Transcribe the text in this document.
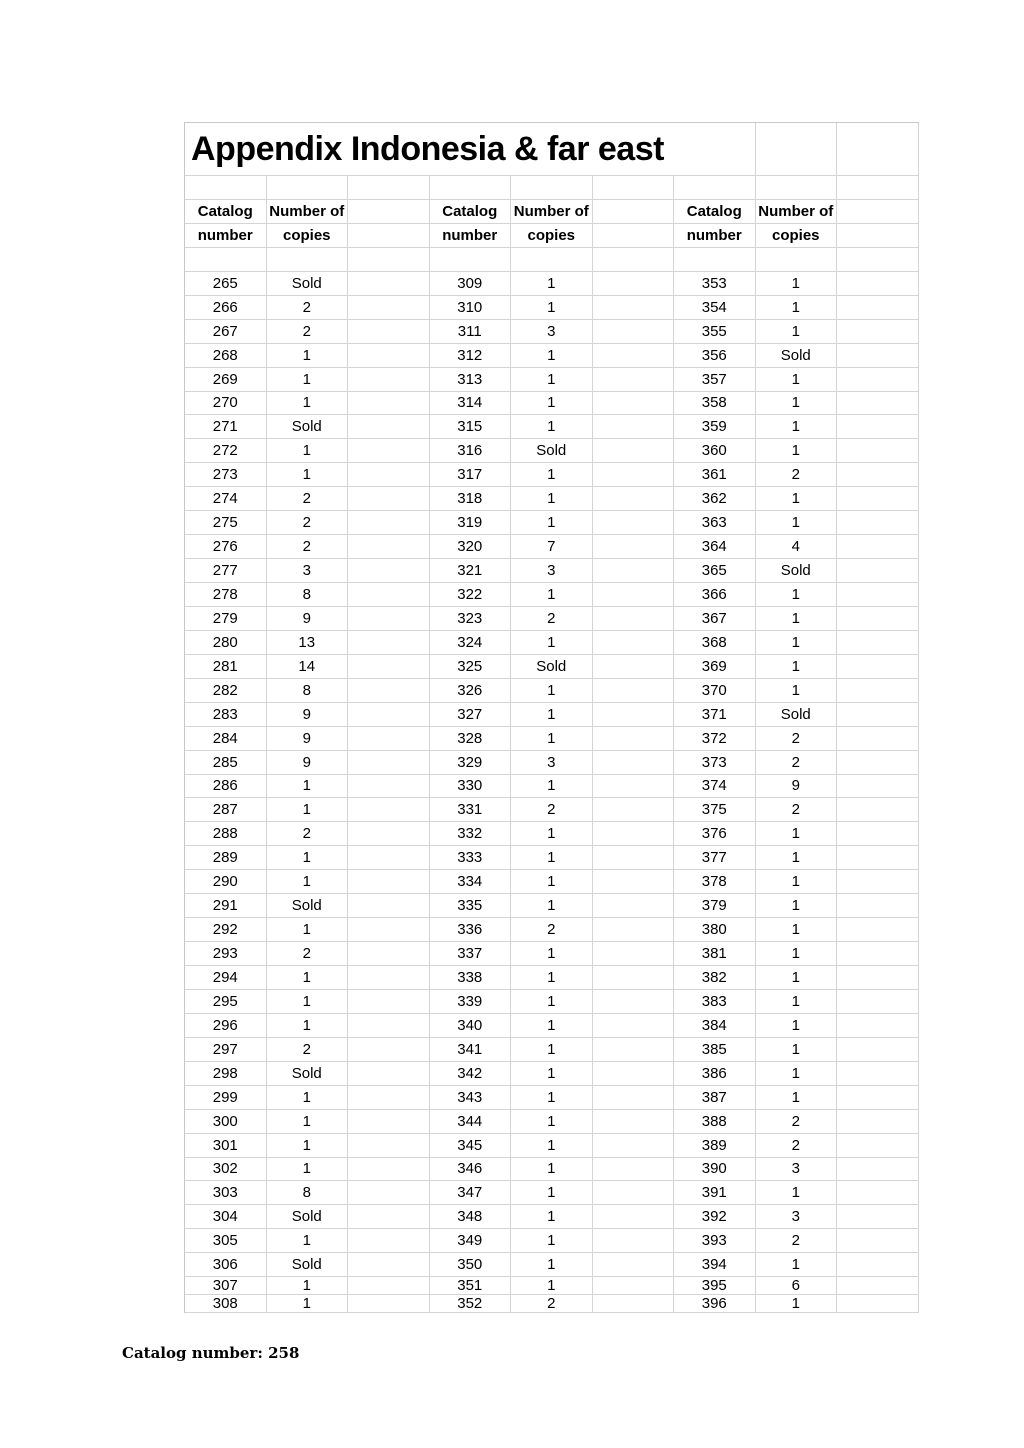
Appendix Indonesia & far east
Catalog	Number of	Catalog	Number of	Catalog	Number of
number	copies	number	copies	number	copies
265	Sold	309	1	353	1
266	2	310	1	354	1
267	2	311	3	355	1
268	1	312	1	356	Sold
269	1	313	1	357	1
270	1	314	1	358	1
271	Sold	315	1	359	1
272	1	316	Sold	360	1
273	1	317	1	361	2
274	2	318	1	362	1
275	2	319	1	363	1
276	2	320	7	364	4
277	3	321	3	365	Sold
278	8	322	1	366	1
279	9	323	2	367	1
280	13	324	1	368	1
281	14	325	Sold	369	1
282	8	326	1	370	1
283	9	327	1	371	Sold
284	9	328	1	372	2
285	9	329	3	373	2
286	1	330	1	374	9
287	1	331	2	375	2
288	2	332	1	376	1
289	1	333	1	377	1
290	1	334	1	378	1
291	Sold	335	1	379	1
292	1	336	2	380	1
293	2	337	1	381	1
294	1	338	1	382	1
295	1	339	1	383	1
296	1	340	1	384	1
297	2	341	1	385	1
298	Sold	342	1	386	1
299	1	343	1	387	1
300	1	344	1	388	2
301	1	345	1	389	2
302	1	346	1	390	3
303	8	347	1	391	1
304	Sold	348	1	392	3
305	1	349	1	393	2
306	Sold	350	1	394	1
307	1	351	1	395	6
308	1	352	2	396	1
Catalog number: 258
